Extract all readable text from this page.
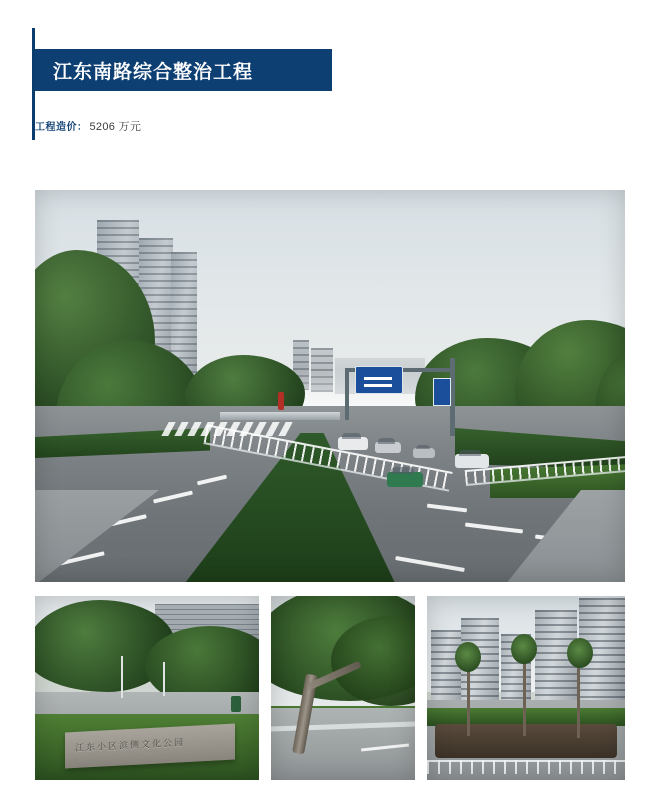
江东南路综合整治工程
工程造价： 5206 万元
江东小区滨侧文化公园
